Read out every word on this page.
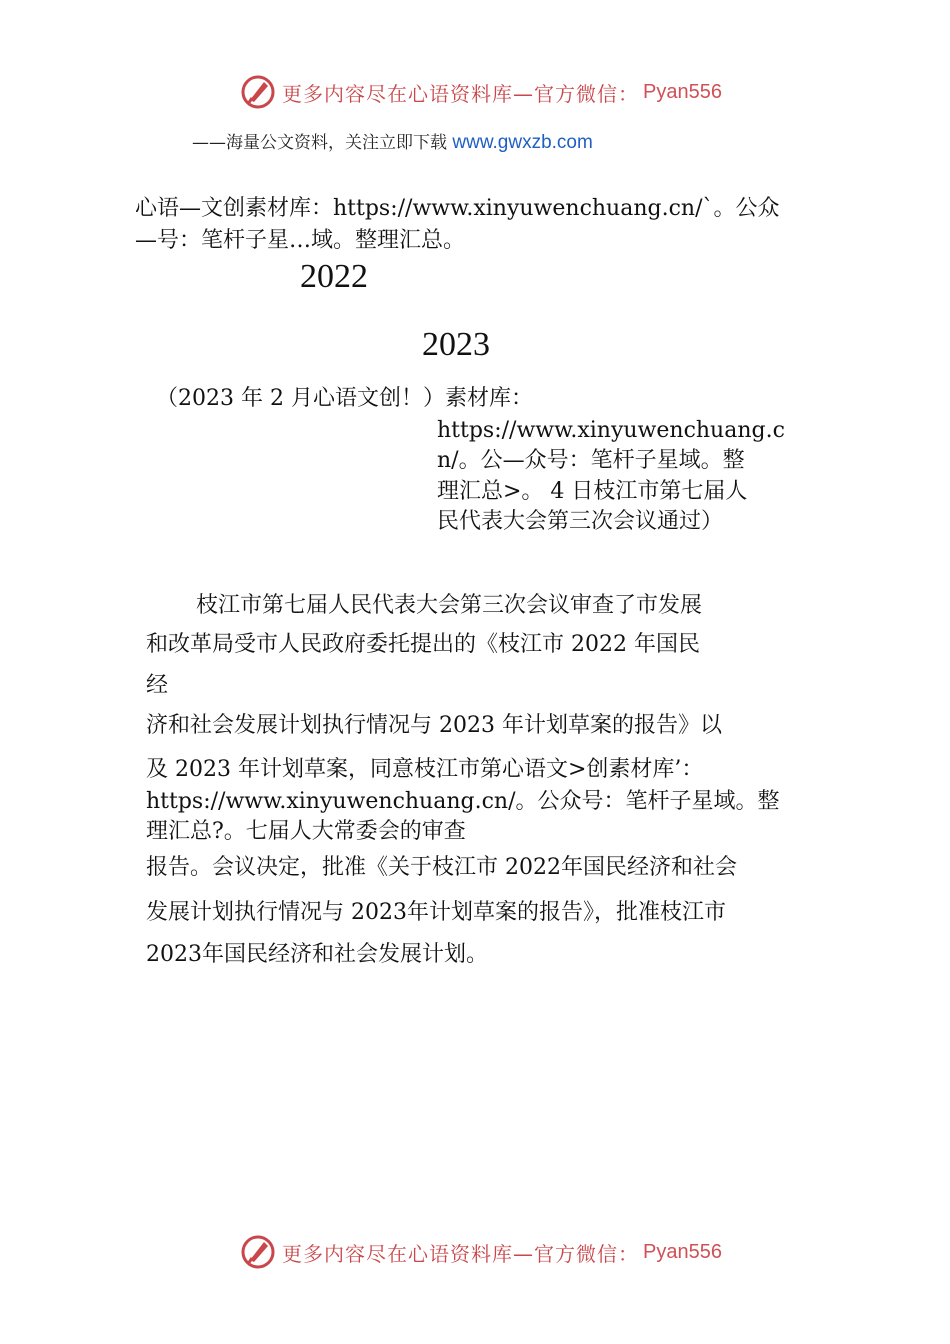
更多内容尽在心语资料库—官方微信： Pyan556
——海量公文资料，关注立即下载 www.gwxzb.com
心语—文创素材库：https://www.xinyuwenchuang.cn/`。公众
—号：笔杆子星…域。整理汇总。
2022
2023
（2023 年 2 月心语文创！）素材库：
https://www.xinyuwenchuang.c
n/。公—众号：笔杆子星域。整
理汇总>。 4 日枝江市第七届人
民代表大会第三次会议通过）
枝江市第七届人民代表大会第三次会议审查了市发展
和改革局受市人民政府委托提出的《枝江市 2022 年国民
经
济和社会发展计划执行情况与 2023 年计划草案的报告》以
及 2023 年计划草案，同意枝江市第心语文>创素材库’：
https://www.xinyuwenchuang.cn/。公众号：笔杆子星域。整
理汇总?。七届人大常委会的审查
报告。会议决定，批准《关于枝江市 2022年国民经济和社会
发展计划执行情况与 2023年计划草案的报告》，批准枝江市
2023年国民经济和社会发展计划。
更多内容尽在心语资料库—官方微信： Pyan556
